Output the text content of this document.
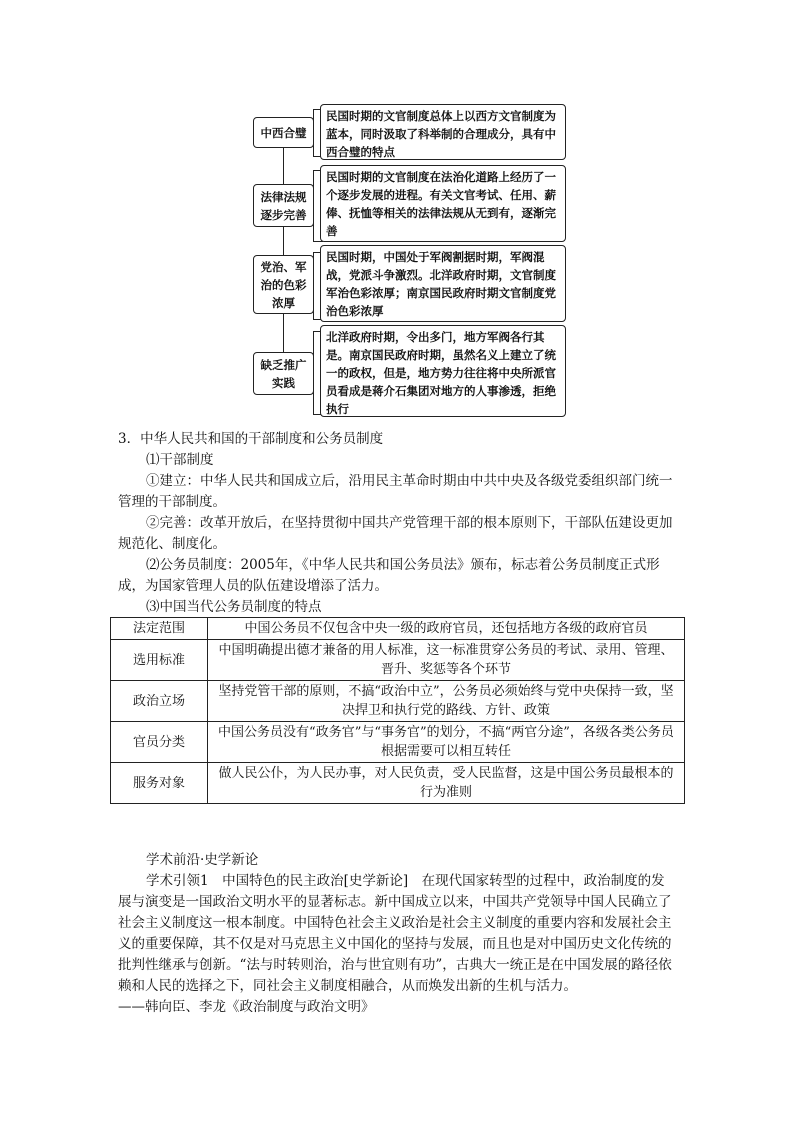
中西合璧
民国时期的文官制度总体上以西方文官制度为蓝本，同时汲取了科举制的合理成分，具有中西合璧的特点
法律法规
逐步完善
民国时期的文官制度在法治化道路上经历了一个逐步发展的进程。有关文官考试、任用、薪俸、抚恤等相关的法律法规从无到有，逐渐完善
党治、军
治的色彩
浓厚
民国时期，中国处于军阀割据时期，军阀混战，党派斗争激烈。北洋政府时期，文官制度军治色彩浓厚；南京国民政府时期文官制度党治色彩浓厚
缺乏推广
实践
北洋政府时期，令出多门，地方军阀各行其是。南京国民政府时期，虽然名义上建立了统一的政权，但是，地方势力往往将中央所派官员看成是蒋介石集团对地方的人事渗透，拒绝执行
3．中华人民共和国的干部制度和公务员制度
⑴干部制度
①建立：中华人民共和国成立后，沿用民主革命时期由中共中央及各级党委组织部门统一管理的干部制度。
②完善：改革开放后，在坚持贯彻中国共产党管理干部的根本原则下，干部队伍建设更加规范化、制度化。
⑵公务员制度：2005年，《中华人民共和国公务员法》颁布，标志着公务员制度正式形成，为国家管理人员的队伍建设增添了活力。
⑶中国当代公务员制度的特点
法定范围	中国公务员不仅包含中央一级的政府官员，还包括地方各级的政府官员
选用标准	中国明确提出德才兼备的用人标准，这一标准贯穿公务员的考试、录用、管理、晋升、奖惩等各个环节
政治立场	坚持党管干部的原则，不搞“政治中立”，公务员必须始终与党中央保持一致，坚决捍卫和执行党的路线、方针、政策
官员分类	中国公务员没有“政务官”与“事务官”的划分，不搞“两官分途”，各级各类公务员根据需要可以相互转任
服务对象	做人民公仆，为人民办事，对人民负责，受人民监督，这是中国公务员最根本的行为准则
学术前沿·史学新论
学术引领1　中国特色的民主政治[史学新论]　在现代国家转型的过程中，政治制度的发展与演变是一国政治文明水平的显著标志。新中国成立以来，中国共产党领导中国人民确立了社会主义制度这一根本制度。中国特色社会主义政治是社会主义制度的重要内容和发展社会主义的重要保障，其不仅是对马克思主义中国化的坚持与发展，而且也是对中国历史文化传统的批判性继承与创新。“法与时转则治，治与世宜则有功”，古典大一统正是在中国发展的路径依赖和人民的选择之下，同社会主义制度相融合，从而焕发出新的生机与活力。
——韩向臣、李龙《政治制度与政治文明》
